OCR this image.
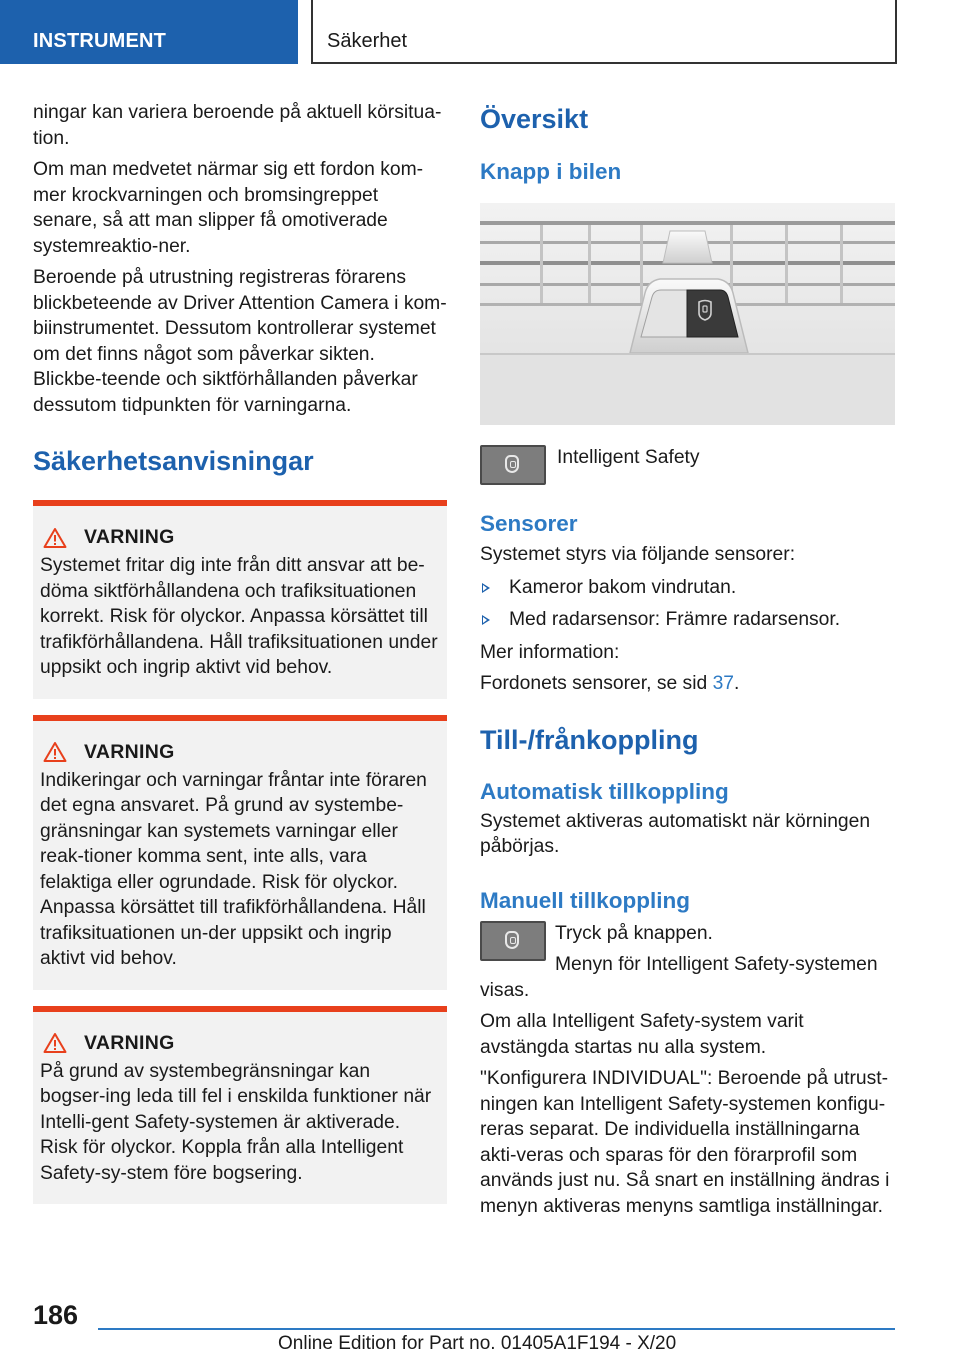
INSTRUMENT	Säkerhet

ningar kan variera beroende på aktuell körsitua-tion.

Om man medvetet närmar sig ett fordon kom-mer krockvarningen och bromsingreppet senare, så att man slipper få omotiverade systemreaktio-ner.

Beroende på utrustning registreras förarens blickbeteende av Driver Attention Camera i kom-biinstrumentet. Dessutom kontrollerar systemet om det finns något som påverkar sikten. Blickbe-teende och siktförhållanden påverkar dessutom tidpunkten för varningarna.

Säkerhetsanvisningar
VARNING

Systemet fritar dig inte från ditt ansvar att be-döma siktförhållandena och trafiksituationen korrekt. Risk för olyckor. Anpassa körsättet till trafikförhållandena. Håll trafiksituationen under uppsikt och ingrip aktivt vid behov.

VARNING

Indikeringar och varningar fråntar inte föraren det egna ansvaret. På grund av systembe-gränsningar kan systemets varningar eller reak-tioner komma sent, inte alls, vara felaktiga eller ogrundade. Risk för olyckor. Anpassa körsättet till trafikförhållandena. Håll trafiksituationen un-der uppsikt och ingrip aktivt vid behov.

VARNING

På grund av systembegränsningar kan bogser-ing leda till fel i enskilda funktioner när Intelli-gent Safety-systemen är aktiverade. Risk för olyckor. Koppla från alla Intelligent Safety-sy-stem före bogsering.

Översikt
Knapp i bilen

Intelligent Safety

Sensorer

Systemet styrs via följande sensorer:

Kameror bakom vindrutan.
Med radarsensor: Främre radarsensor.

Mer information:

Fordonets sensorer, se sid 37.

Till-/frånkoppling
Automatisk tillkoppling

Systemet aktiveras automatiskt när körningen påbörjas.

Manuell tillkoppling

Tryck på knappen.

Menyn för Intelligent Safety-systemen visas.

Om alla Intelligent Safety-system varit avstängda startas nu alla system.

"Konfigurera INDIVIDUAL": Beroende på utrust-ningen kan Intelligent Safety-systemen konfigu-reras separat. De individuella inställningarna akti-veras och sparas för den förarprofil som används just nu. Så snart en inställning ändras i menyn aktiveras menyns samtliga inställningar.

186
Online Edition for Part no. 01405A1F194 - X/20
